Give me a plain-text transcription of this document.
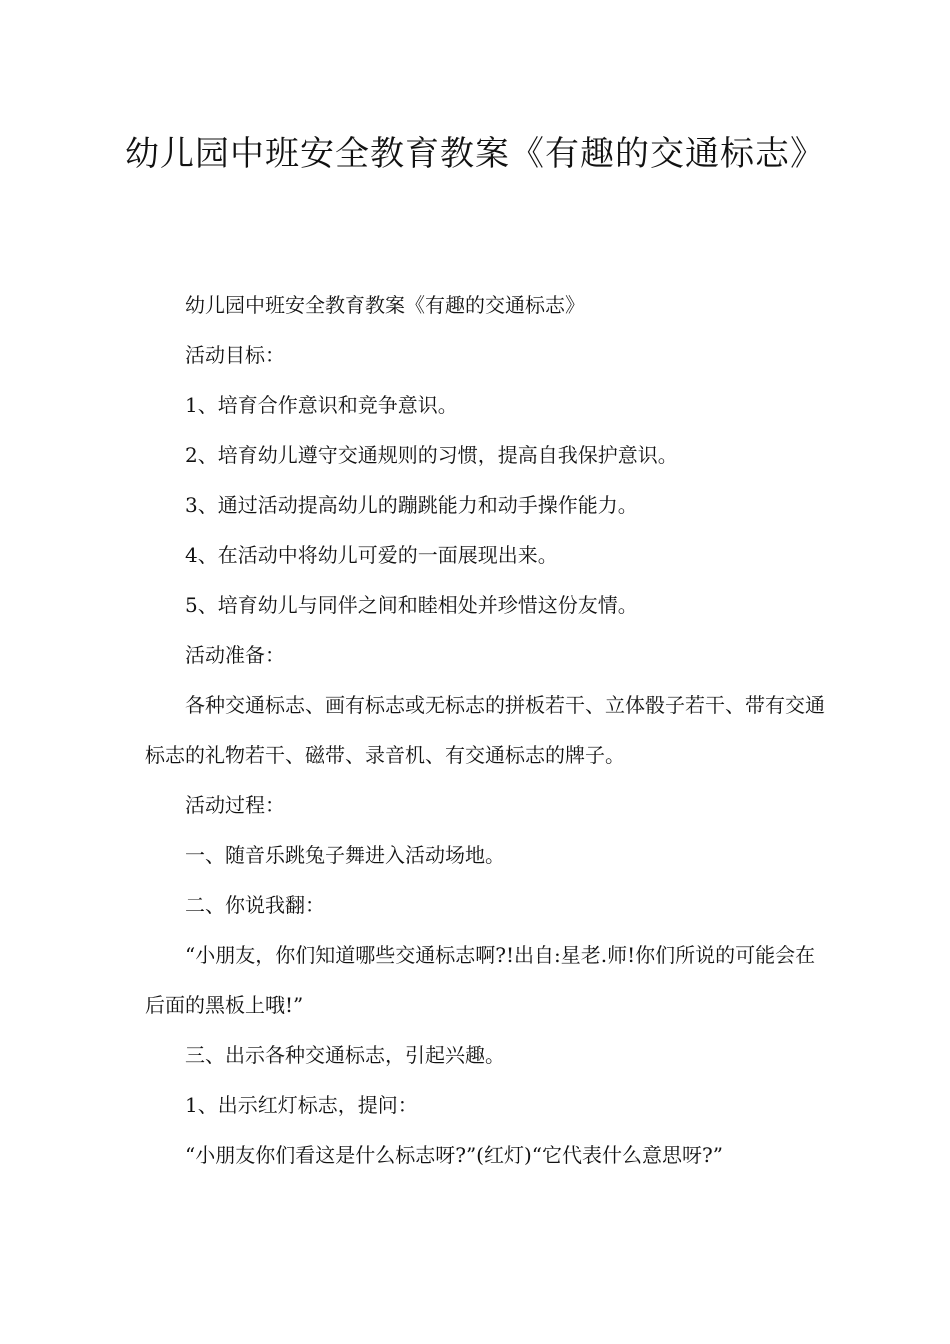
幼儿园中班安全教育教案《有趣的交通标志》

幼儿园中班安全教育教案《有趣的交通标志》

活动目标：

1、培育合作意识和竞争意识。

2、培育幼儿遵守交通规则的习惯，提高自我保护意识。

3、通过活动提高幼儿的蹦跳能力和动手操作能力。

4、在活动中将幼儿可爱的一面展现出来。

5、培育幼儿与同伴之间和睦相处并珍惜这份友情。

活动准备：

各种交通标志、画有标志或无标志的拼板若干、立体骰子若干、带有交通标志的礼物若干、磁带、录音机、有交通标志的牌子。

活动过程：

一、随音乐跳兔子舞进入活动场地。

二、你说我翻：

“小朋友，你们知道哪些交通标志啊?!出自:星老.师!你们所说的可能会在后面的黑板上哦!”

三、出示各种交通标志，引起兴趣。

1、出示红灯标志，提问：

“小朋友你们看这是什么标志呀?”(红灯)“它代表什么意思呀?”
